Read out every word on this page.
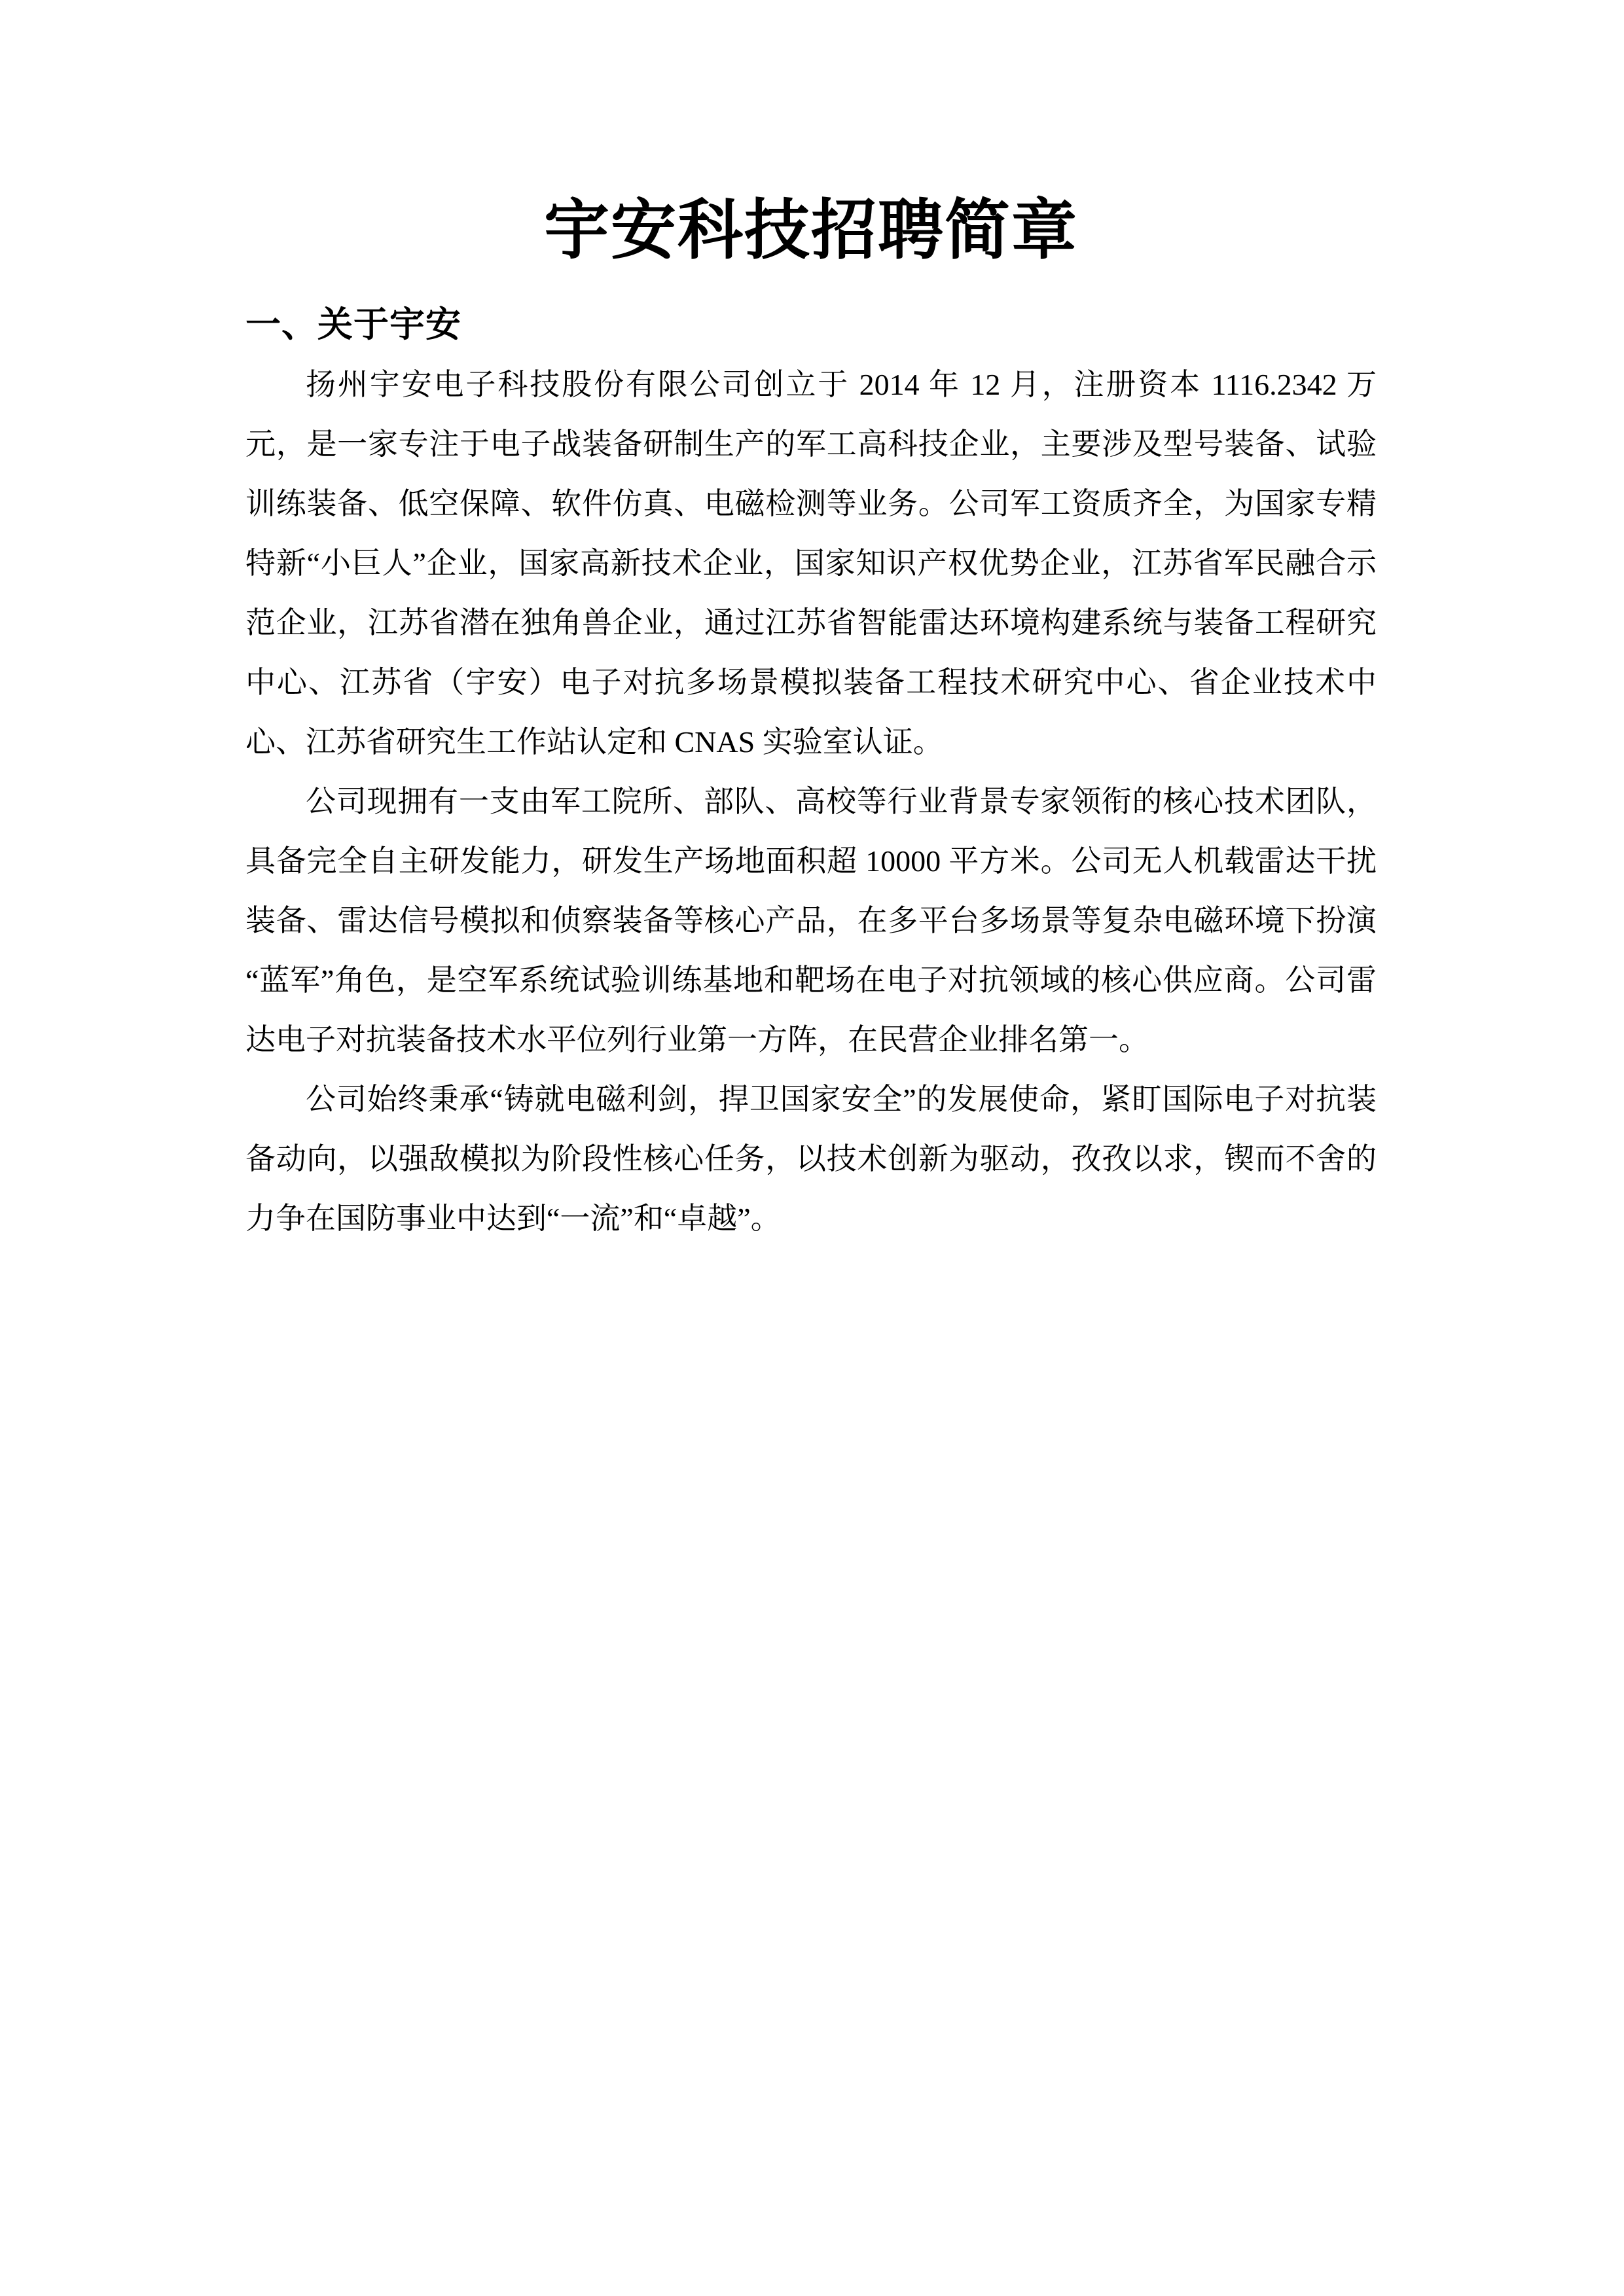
宇安科技招聘简章
一、关于宇安

扬州宇安电子科技股份有限公司创立于 2014 年 12 月，注册资本 1116.2342 万元，是一家专注于电子战装备研制生产的军工高科技企业，主要涉及型号装备、试验训练装备、低空保障、软件仿真、电磁检测等业务。公司军工资质齐全，为国家专精特新“小巨人”企业，国家高新技术企业，国家知识产权优势企业，江苏省军民融合示范企业，江苏省潜在独角兽企业，通过江苏省智能雷达环境构建系统与装备工程研究中心、江苏省（宇安）电子对抗多场景模拟装备工程技术研究中心、省企业技术中心、江苏省研究生工作站认定和 CNAS 实验室认证。

公司现拥有一支由军工院所、部队、高校等行业背景专家领衔的核心技术团队，具备完全自主研发能力，研发生产场地面积超 10000 平方米。公司无人机载雷达干扰装备、雷达信号模拟和侦察装备等核心产品，在多平台多场景等复杂电磁环境下扮演“蓝军”角色，是空军系统试验训练基地和靶场在电子对抗领域的核心供应商。公司雷达电子对抗装备技术水平位列行业第一方阵，在民营企业排名第一。

公司始终秉承“铸就电磁利剑，捍卫国家安全”的发展使命，紧盯国际电子对抗装备动向，以强敌模拟为阶段性核心任务，以技术创新为驱动，孜孜以求，锲而不舍的力争在国防事业中达到“一流”和“卓越”。
